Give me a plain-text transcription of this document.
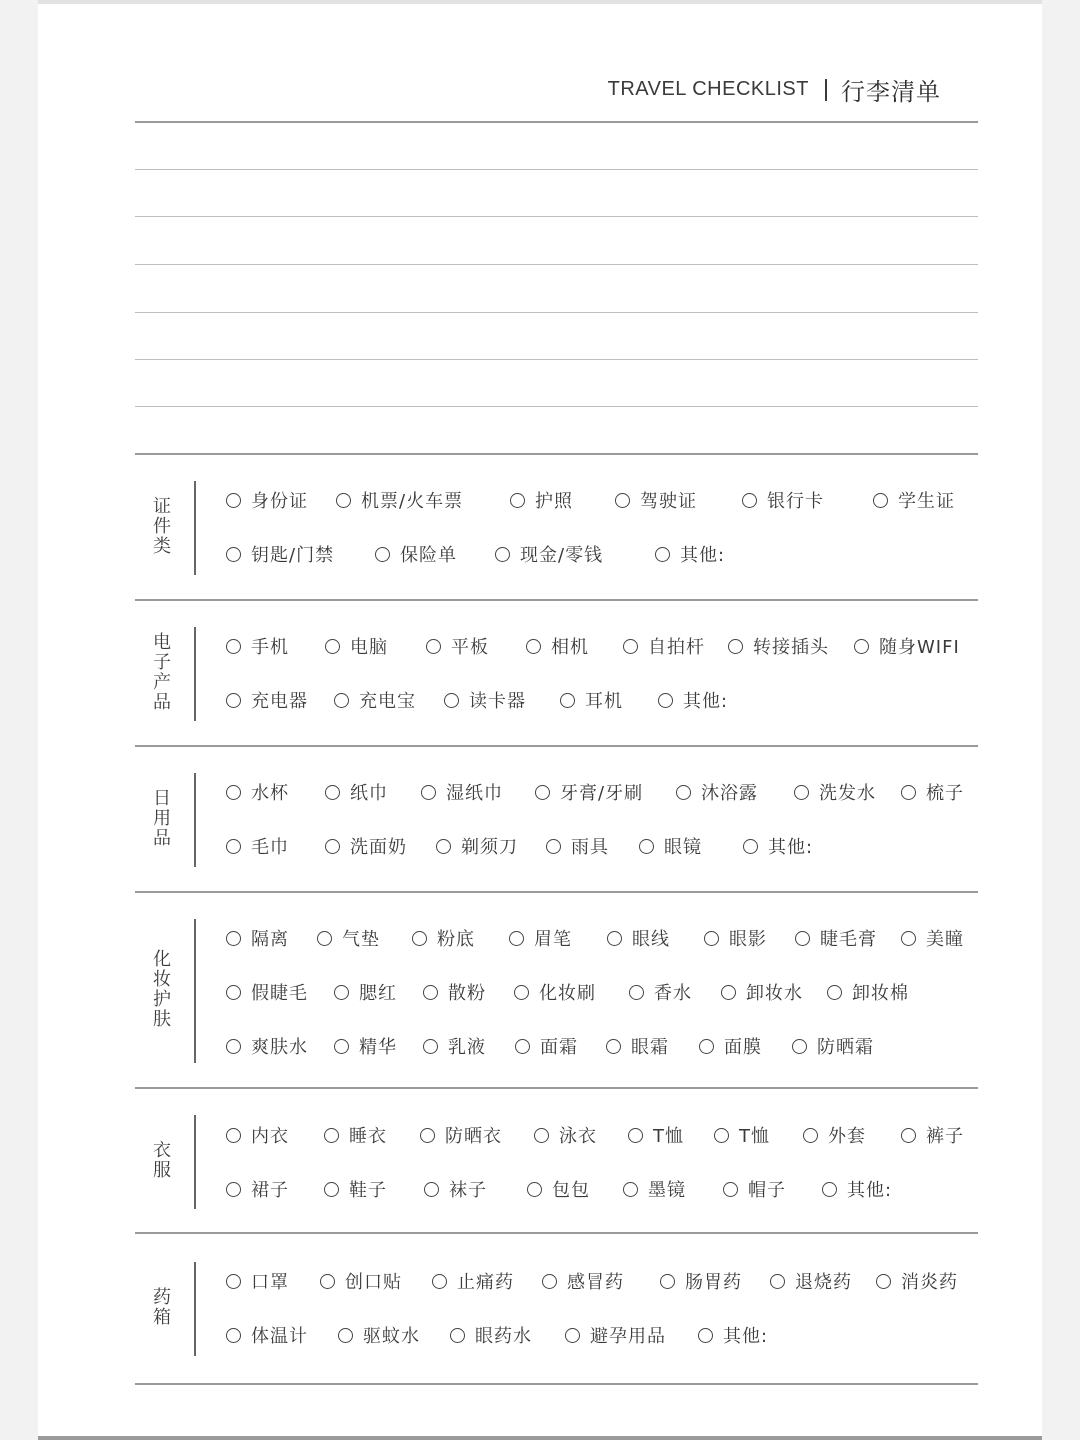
TRAVEL CHECKLIST 行李清单
证
件
类
身份证	机票/火车票	护照	驾驶证	银行卡	学生证
钥匙/门禁	保险单	现金/零钱	其他:
电
子
产
品
手机	电脑	平板	相机	自拍杆	转接插头	随身WIFI
充电器	充电宝	读卡器	耳机	其他:
日
用
品
水杯	纸巾	湿纸巾	牙膏/牙刷	沐浴露	洗发水	梳子
毛巾	洗面奶	剃须刀	雨具	眼镜	其他:
化
妆
护
肤
隔离	气垫	粉底	眉笔	眼线	眼影	睫毛膏	美瞳
假睫毛	腮红	散粉	化妆刷	香水	卸妆水	卸妆棉
爽肤水	精华	乳液	面霜	眼霜	面膜	防晒霜
衣
服
内衣	睡衣	防晒衣	泳衣	T恤	T恤	外套	裤子
裙子	鞋子	袜子	包包	墨镜	帽子	其他:
药
箱
口罩	创口贴	止痛药	感冒药	肠胃药	退烧药	消炎药
体温计	驱蚊水	眼药水	避孕用品	其他:
